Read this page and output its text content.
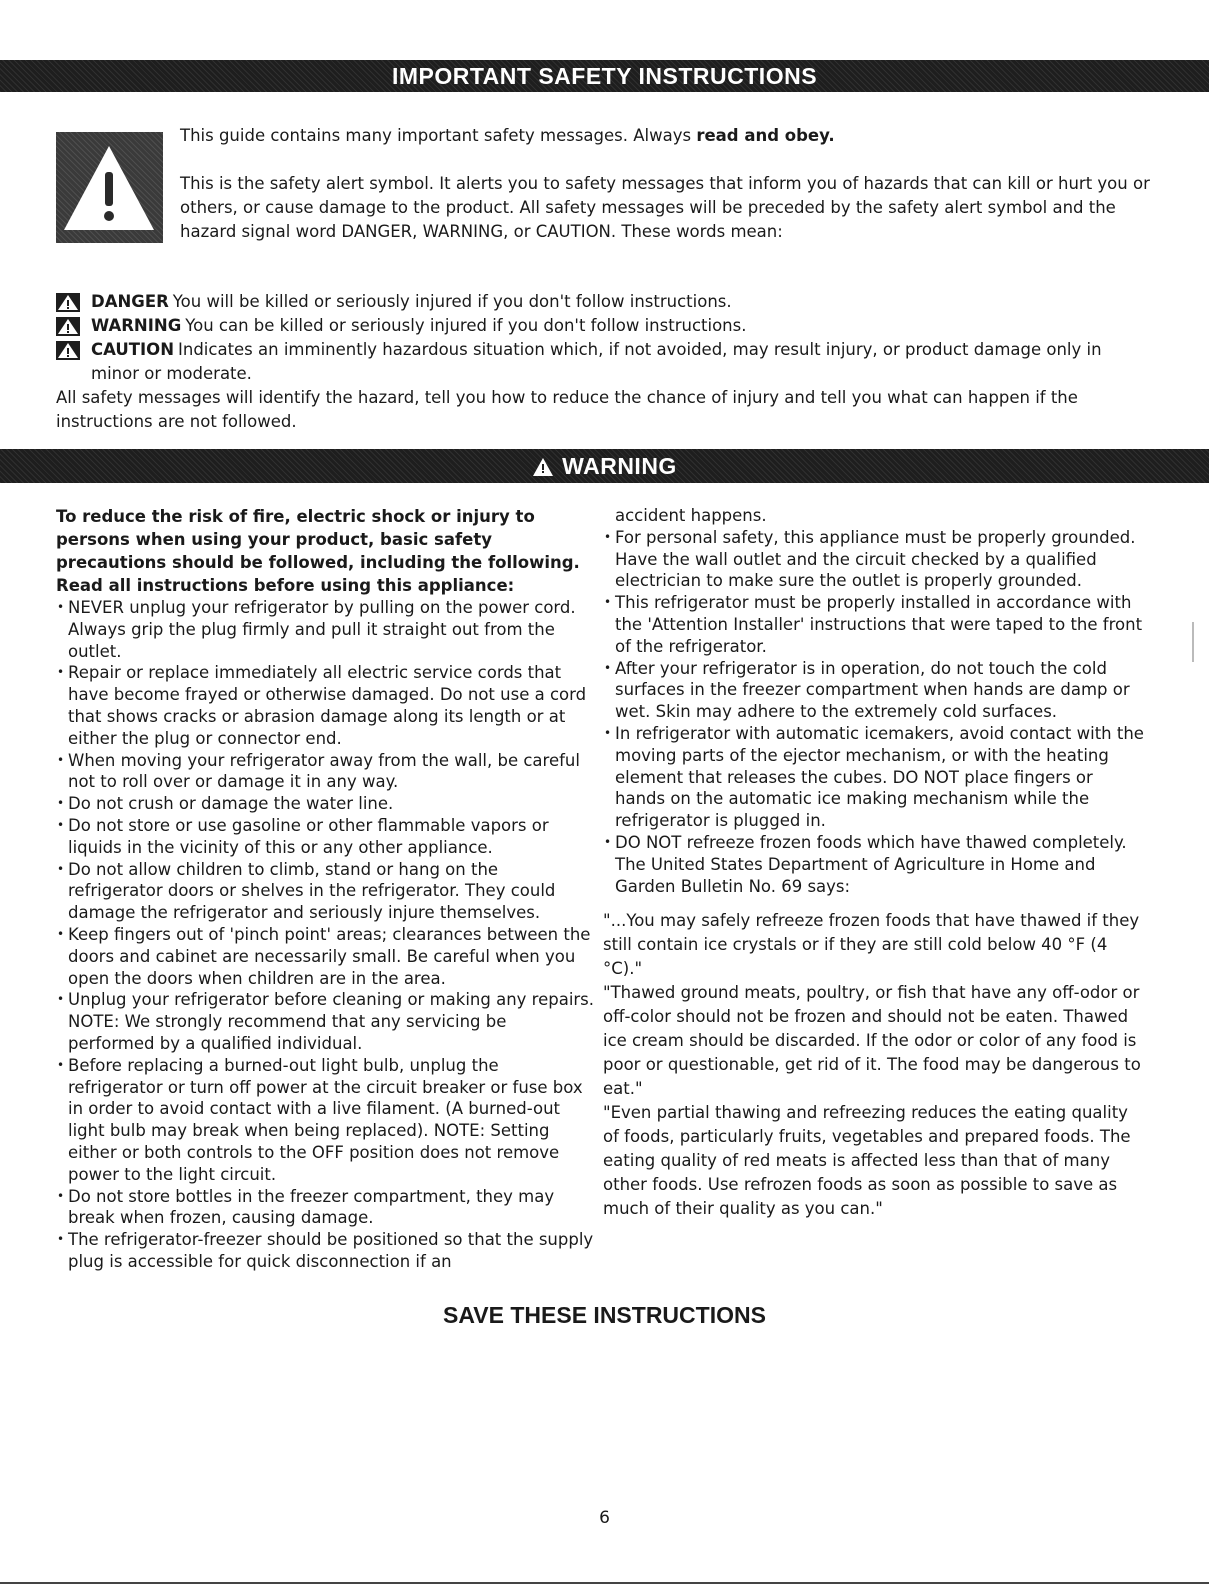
IMPORTANT SAFETY INSTRUCTIONS

This guide contains many important safety messages. Always read and obey.

This is the safety alert symbol. It alerts you to safety messages that inform you of hazards that can kill or hurt you or others, or cause damage to the product. All safety messages will be preceded by the safety alert symbol and the hazard signal word DANGER, WARNING, or CAUTION. These words mean:

DANGER You will be killed or seriously injured if you don't follow instructions.
WARNING You can be killed or seriously injured if you don't follow instructions.
CAUTION Indicates an imminently hazardous situation which, if not avoided, may result injury, or product damage only in minor or moderate.

All safety messages will identify the hazard, tell you how to reduce the chance of injury and tell you what can happen if the instructions are not followed.

WARNING

To reduce the risk of fire, electric shock or injury to persons when using your product, basic safety precautions should be followed, including the following. Read all instructions before using this appliance:

• NEVER unplug your refrigerator by pulling on the power cord. Always grip the plug firmly and pull it straight out from the outlet.
• Repair or replace immediately all electric service cords that have become frayed or otherwise damaged. Do not use a cord that shows cracks or abrasion damage along its length or at either the plug or connector end.
• When moving your refrigerator away from the wall, be careful not to roll over or damage it in any way.
• Do not crush or damage the water line.
• Do not store or use gasoline or other flammable vapors or liquids in the vicinity of this or any other appliance.
• Do not allow children to climb, stand or hang on the refrigerator doors or shelves in the refrigerator. They could damage the refrigerator and seriously injure themselves.
• Keep fingers out of 'pinch point' areas; clearances between the doors and cabinet are necessarily small. Be careful when you open the doors when children are in the area.
• Unplug your refrigerator before cleaning or making any repairs. NOTE: We strongly recommend that any servicing be performed by a qualified individual.
• Before replacing a burned-out light bulb, unplug the refrigerator or turn off power at the circuit breaker or fuse box in order to avoid contact with a live filament. (A burned-out light bulb may break when being replaced). NOTE: Setting either or both controls to the OFF position does not remove power to the light circuit.
• Do not store bottles in the freezer compartment, they may break when frozen, causing damage.
• The refrigerator-freezer should be positioned so that the supply plug is accessible for quick disconnection if an

accident happens.

• For personal safety, this appliance must be properly grounded. Have the wall outlet and the circuit checked by a qualified electrician to make sure the outlet is properly grounded.
• This refrigerator must be properly installed in accordance with the 'Attention Installer' instructions that were taped to the front of the refrigerator.
• After your refrigerator is in operation, do not touch the cold surfaces in the freezer compartment when hands are damp or wet. Skin may adhere to the extremely cold surfaces.
• In refrigerator with automatic icemakers, avoid contact with the moving parts of the ejector mechanism, or with the heating element that releases the cubes. DO NOT place fingers or hands on the automatic ice making mechanism while the refrigerator is plugged in.
• DO NOT refreeze frozen foods which have thawed completely. The United States Department of Agriculture in Home and Garden Bulletin No. 69 says:

"...You may safely refreeze frozen foods that have thawed if they still contain ice crystals or if they are still cold below 40 °F (4 °C)."

"Thawed ground meats, poultry, or fish that have any off-odor or off-color should not be frozen and should not be eaten. Thawed ice cream should be discarded. If the odor or color of any food is poor or questionable, get rid of it. The food may be dangerous to eat."

"Even partial thawing and refreezing reduces the eating quality of foods, particularly fruits, vegetables and prepared foods. The eating quality of red meats is affected less than that of many other foods. Use refrozen foods as soon as possible to save as much of their quality as you can."

SAVE THESE INSTRUCTIONS
6
